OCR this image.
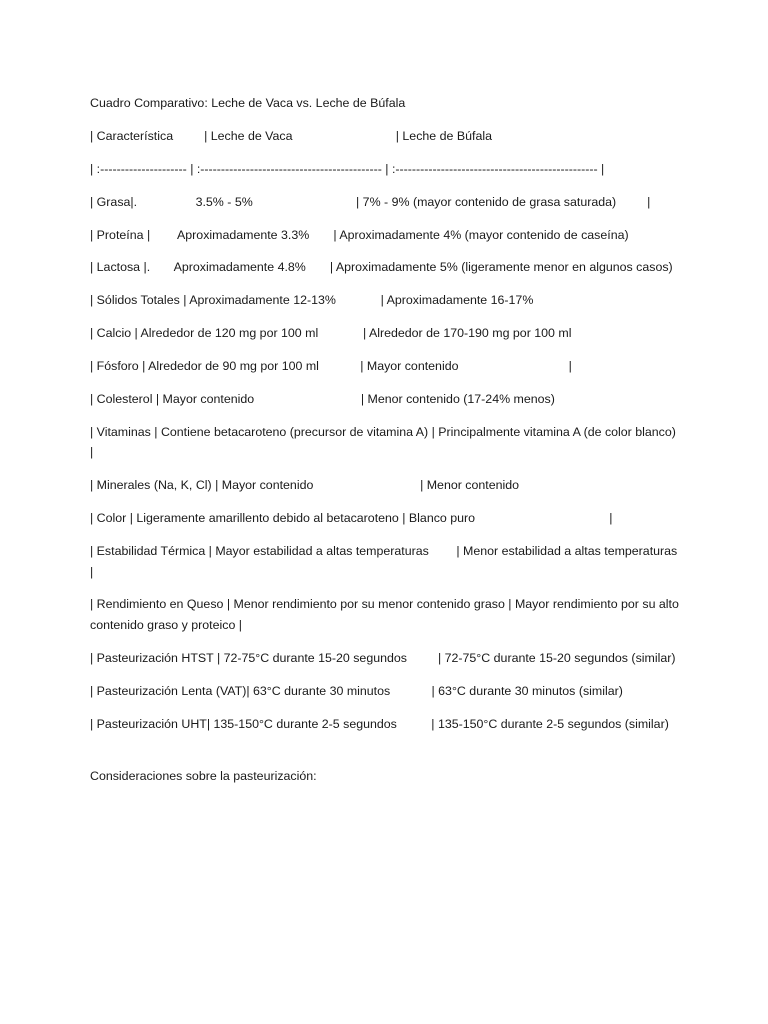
Cuadro Comparativo: Leche de Vaca vs. Leche de Búfala

| Característica         | Leche de Vaca                              | Leche de Búfala

| :--------------------- | :-------------------------------------------- | :------------------------------------------------- |

| Grasa|.                 3.5% - 5%                              | 7% - 9% (mayor contenido de grasa saturada)         |

| Proteína |        Aproximadamente 3.3%       | Aproximadamente 4% (mayor contenido de caseína)

| Lactosa |.       Aproximadamente 4.8%       | Aproximadamente 5% (ligeramente menor en algunos casos)

| Sólidos Totales | Aproximadamente 12-13%             | Aproximadamente 16-17%

| Calcio | Alrededor de 120 mg por 100 ml             | Alrededor de 170-190 mg por 100 ml

| Fósforo | Alrededor de 90 mg por 100 ml            | Mayor contenido                                |

| Colesterol | Mayor contenido                               | Menor contenido (17-24% menos)

| Vitaminas | Contiene betacaroteno (precursor de vitamina A) | Principalmente vitamina A (de color blanco)         |

| Minerales (Na, K, Cl) | Mayor contenido                               | Menor contenido

| Color | Ligeramente amarillento debido al betacaroteno | Blanco puro                                       |

| Estabilidad Térmica | Mayor estabilidad a altas temperaturas        | Menor estabilidad a altas temperaturas    |

| Rendimiento en Queso | Menor rendimiento por su menor contenido graso | Mayor rendimiento por su alto contenido graso y proteico |

| Pasteurización HTST | 72-75°C durante 15-20 segundos         | 72-75°C durante 15-20 segundos (similar)

| Pasteurización Lenta (VAT)| 63°C durante 30 minutos            | 63°C durante 30 minutos (similar)

| Pasteurización UHT| 135-150°C durante 2-5 segundos          | 135-150°C durante 2-5 segundos (similar)

Consideraciones sobre la pasteurización:
